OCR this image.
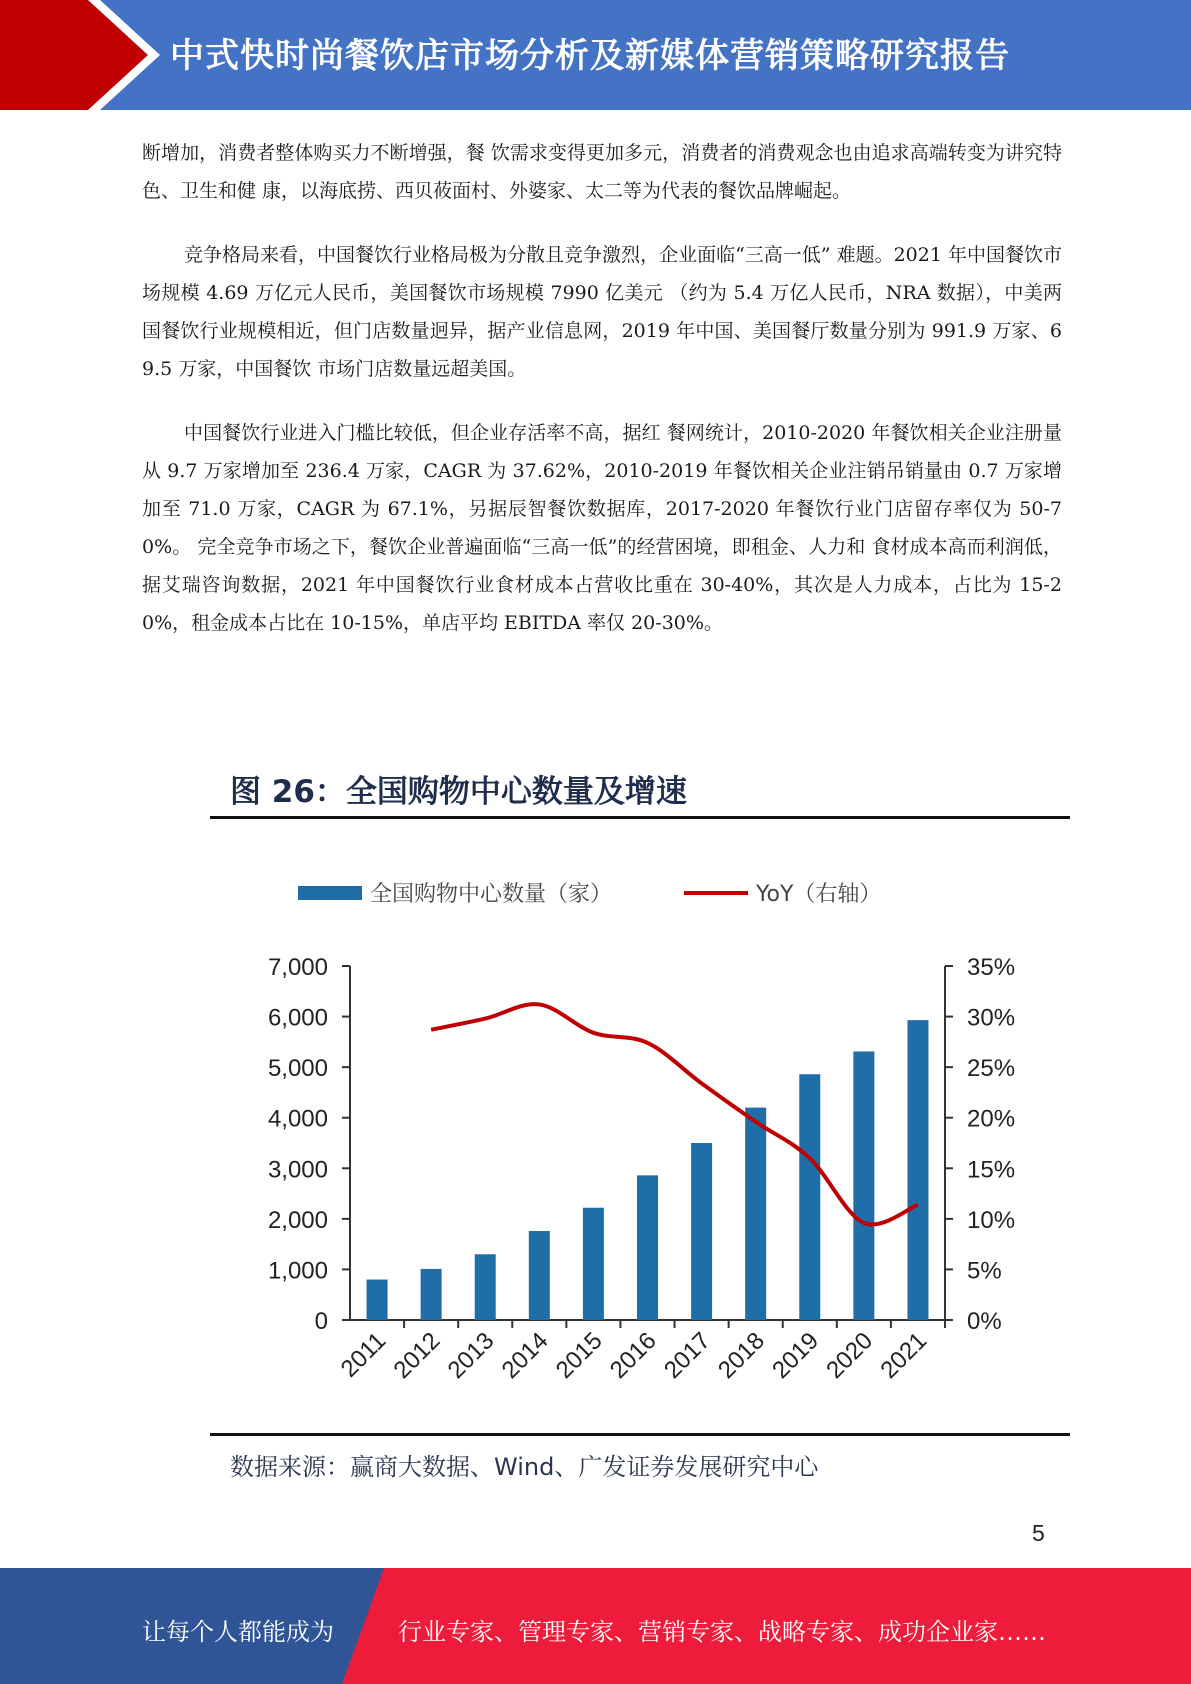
中式快时尚餐饮店市场分析及新媒体营销策略研究报告

断增加，消费者整体购买力不断增强，餐 饮需求变得更加多元，消费者的消费观念也由追求高端转变为讲究特色、卫生和健 康，以海底捞、西贝莜面村、外婆家、太二等为代表的餐饮品牌崛起。

竞争格局来看，中国餐饮行业格局极为分散且竞争激烈，企业面临“三高一低” 难题。2021 年中国餐饮市场规模 4.69 万亿元人民币，美国餐饮市场规模 7990 亿美元 （约为 5.4 万亿人民币，NRA 数据），中美两国餐饮行业规模相近，但门店数量迥异，据产业信息网，2019 年中国、美国餐厅数量分别为 991.9 万家、69.5 万家，中国餐饮 市场门店数量远超美国。

中国餐饮行业进入门槛比较低，但企业存活率不高，据红 餐网统计，2010-2020 年餐饮相关企业注册量从 9.7 万家增加至 236.4 万家，CAGR 为 37.62%，2010-2019 年餐饮相关企业注销吊销量由 0.7 万家增加至 71.0 万家，CAGR 为 67.1%，另据辰智餐饮数据库，2017-2020 年餐饮行业门店留存率仅为 50-70%。 完全竞争市场之下，餐饮企业普遍面临“三高一低”的经营困境，即租金、人力和 食材成本高而利润低，据艾瑞咨询数据，2021 年中国餐饮行业食材成本占营收比重在 30-40%，其次是人力成本，占比为 15-20%，租金成本占比在 10-15%，单店平均 EBITDA 率仅 20-30%。

图 26：全国购物中心数量及增速
全国购物中心数量（家）	YoY（右轴）
0
1,000
2,000
3,000
4,000
5,000
6,000
7,000
0%
5%
10%
15%
20%
25%
30%
35%
2011
2012
2013
2014
2015
2016
2017
2018
2019
2020
2021
数据来源：赢商大数据、Wind、广发证券发展研究中心
5
让每个人都能成为	行业专家、管理专家、营销专家、战略专家、成功企业家……
